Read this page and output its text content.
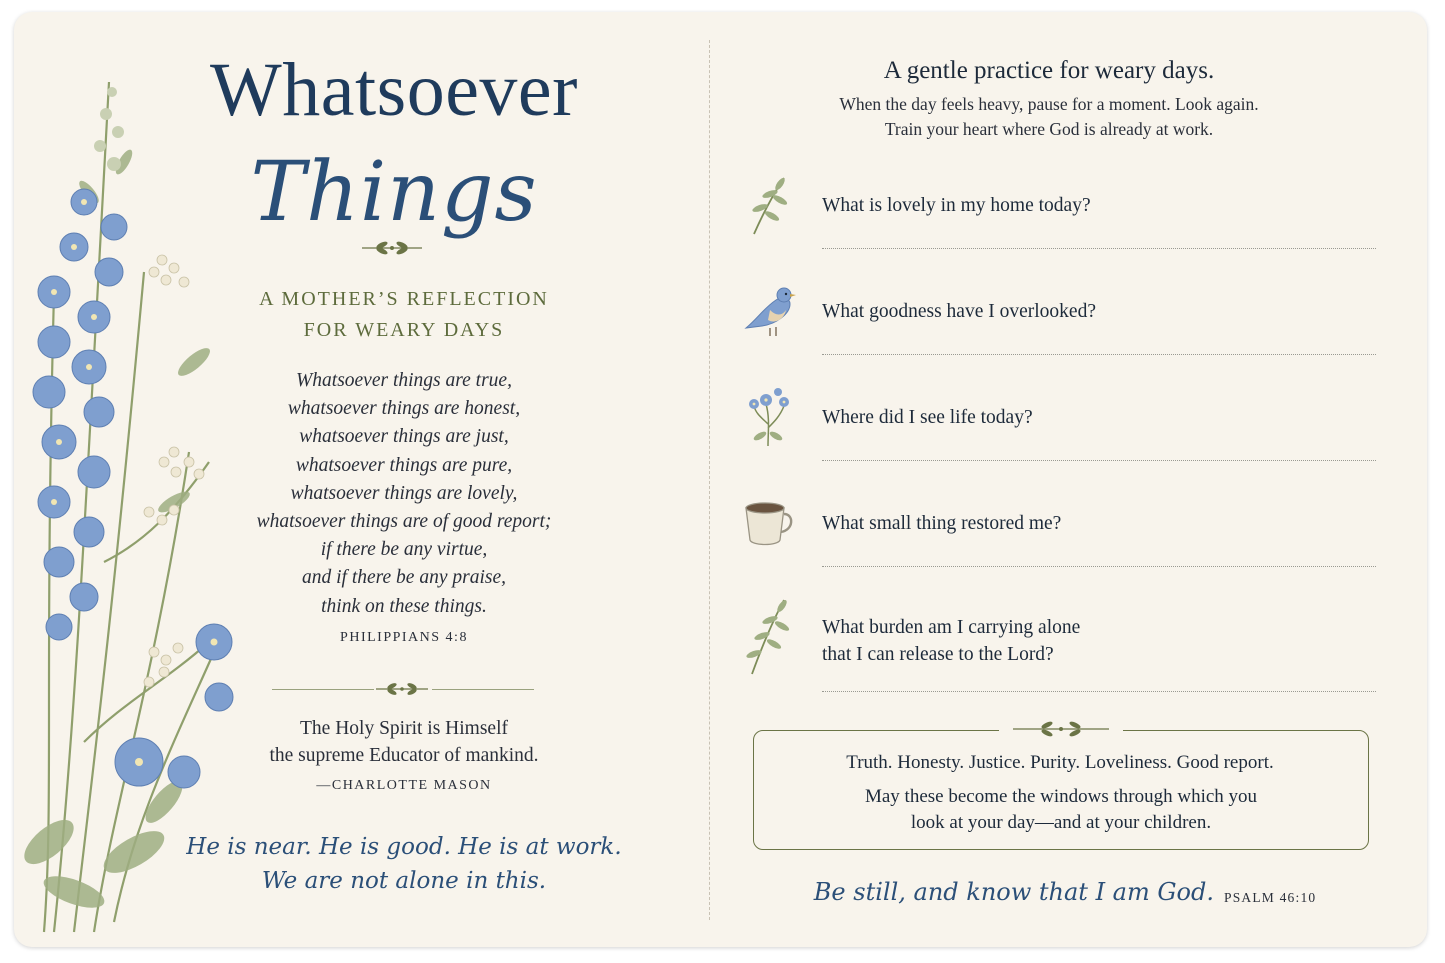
Whatsoever
Things
A MOTHER’S REFLECTION
FOR WEARY DAYS
Whatsoever things are true,
whatsoever things are honest,
whatsoever things are just,
whatsoever things are pure,
whatsoever things are lovely,
whatsoever things are of good report;
if there be any virtue,
and if there be any praise,
think on these things.
PHILIPPIANS 4:8
The Holy Spirit is Himself
the supreme Educator of mankind.
—CHARLOTTE MASON
He is near. He is good. He is at work.
We are not alone in this.
A gentle practice for weary days.
When the day feels heavy, pause for a moment. Look again.
Train your heart where God is already at work.
What is lovely in my home today?
What goodness have I overlooked?
Where did I see life today?
What small thing restored me?
What burden am I carrying alone
that I can release to the Lord?
Truth. Honesty. Justice. Purity. Loveliness. Good report.
May these become the windows through which you
look at your day—and at your children.
Be still, and know that I am God. PSALM 46:10
